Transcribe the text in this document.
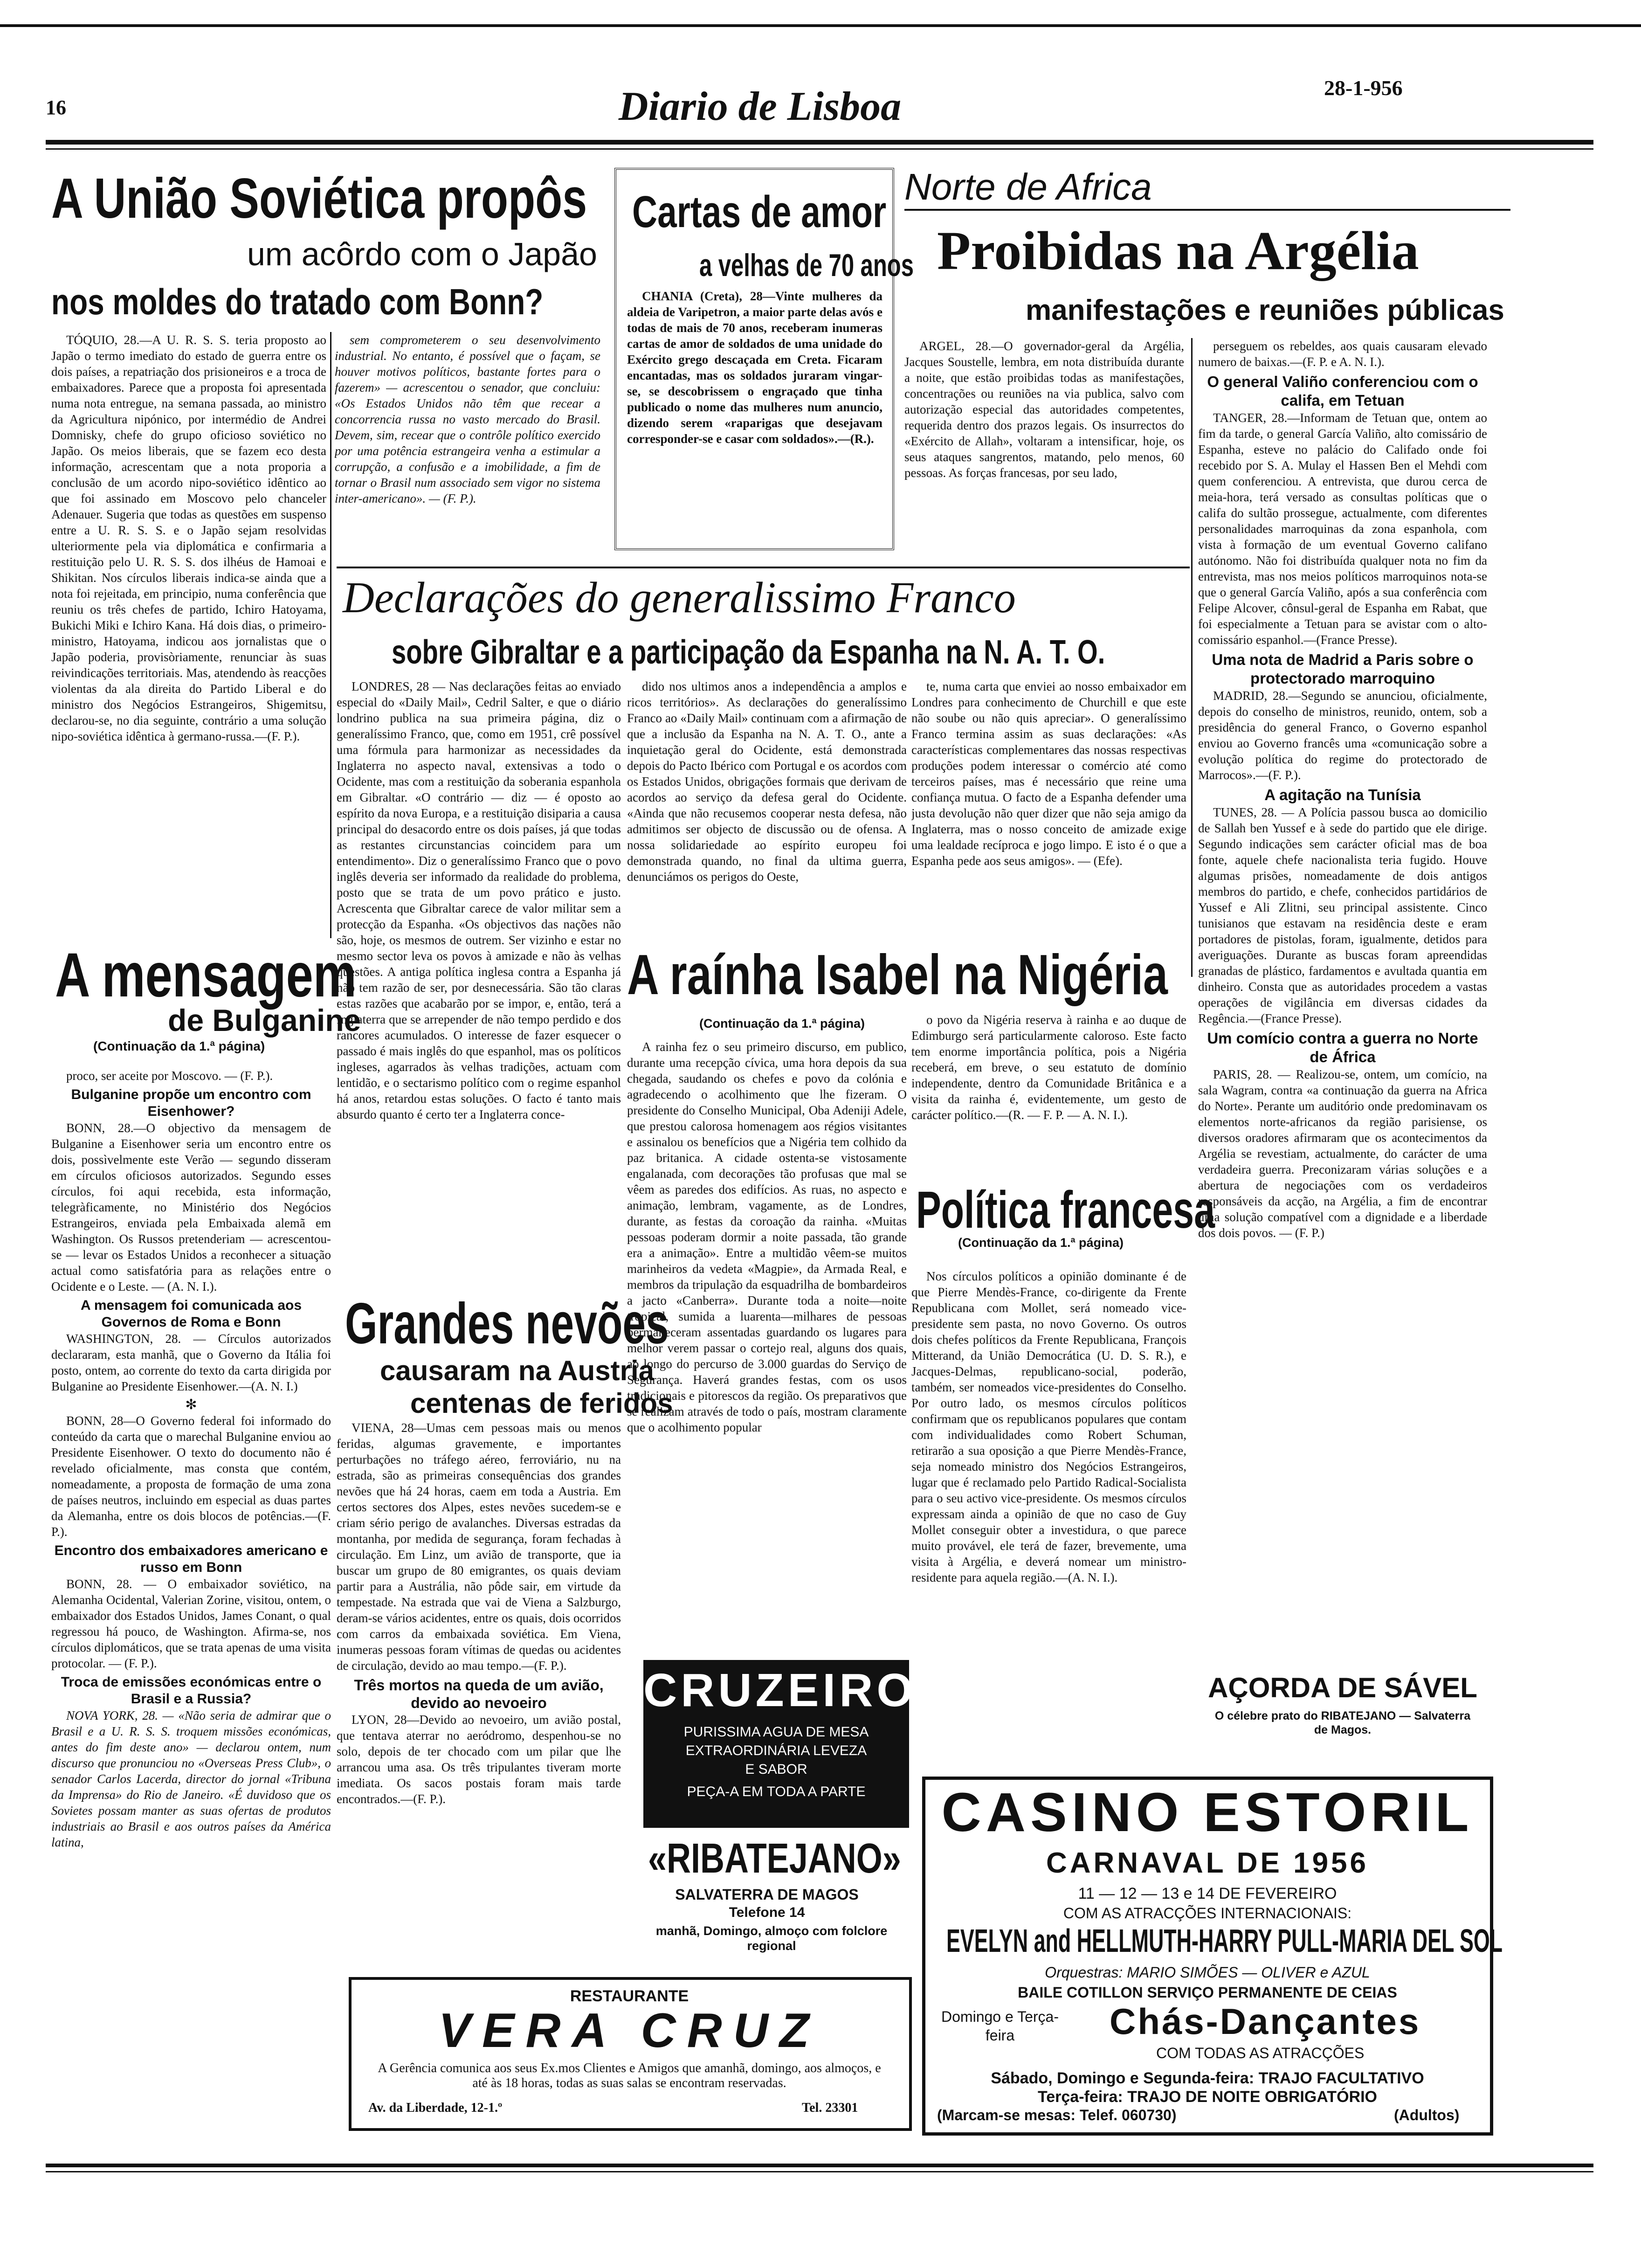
16	Diario de Lisboa	28-1-956
A União Soviética propôs
um acôrdo com o Japão
nos moldes do tratado com Bonn?

TÓQUIO, 28.—A U. R. S. S. teria proposto ao Japão o termo imediato do estado de guerra entre os dois países, a repatriação dos prisioneiros e a troca de embaixadores. Parece que a proposta foi apresentada numa nota entregue, na semana passada, ao ministro da Agricultura nipónico, por intermédio de Andrei Domnisky, chefe do grupo oficioso soviético no Japão. Os meios liberais, que se fazem eco desta informação, acrescentam que a nota proporia a conclusão de um acordo nipo-soviético idêntico ao que foi assinado em Moscovo pelo chanceler Adenauer. Sugeria que todas as questões em suspenso entre a U. R. S. S. e o Japão sejam resolvidas ulteriormente pela via diplomática e confirmaria a restituição pelo U. R. S. S. dos ilhéus de Hamoai e Shikitan. Nos círculos liberais indica-se ainda que a nota foi rejeitada, em principio, numa conferência que reuniu os três chefes de partido, Ichiro Hatoyama, Bukichi Miki e Ichiro Kana. Há dois dias, o primeiro-ministro, Hatoyama, indicou aos jornalistas que o Japão poderia, provisòriamente, renunciar às suas reivindicações territoriais. Mas, atendendo às reacções violentas da ala direita do Partido Liberal e do ministro dos Negócios Estrangeiros, Shigemitsu, declarou-se, no dia seguinte, contrário a uma solução nipo-soviética idêntica à germano-russa.—(F. P.).

sem comprometerem o seu desenvolvimento industrial. No entanto, é possível que o façam, se houver motivos políticos, bastante fortes para o fazerem» — acrescentou o senador, que concluiu: «Os Estados Unidos não têm que recear a concorrencia russa no vasto mercado do Brasil. Devem, sim, recear que o contrôle político exercido por uma potência estrangeira venha a estimular a corrupção, a confusão e a imobilidade, a fim de tornar o Brasil num associado sem vigor no sistema inter-americano». — (F. P.).

A mensagem
de Bulganine
(Continuação da 1.ª página)

proco, ser aceite por Moscovo. — (F. P.).

Bulganine propõe um encontro com Eisenhower?

BONN, 28.—O objectivo da mensagem de Bulganine a Eisenhower seria um encontro entre os dois, possìvelmente este Verão — segundo disseram em círculos oficiosos autorizados. Segundo esses círculos, foi aqui recebida, esta informação, telegràficamente, no Ministério dos Negócios Estrangeiros, enviada pela Embaixada alemã em Washington. Os Russos pretenderiam — acrescentou-se — levar os Estados Unidos a reconhecer a situação actual como satisfatória para as relações entre o Ocidente e o Leste. — (A. N. I.).

A mensagem foi comunicada aos Governos de Roma e Bonn

WASHINGTON, 28. — Círculos autorizados declararam, esta manhã, que o Governo da Itália foi posto, ontem, ao corrente do texto da carta dirigida por Bulganine ao Presidente Eisenhower.—(A. N. I.)

✻

BONN, 28—O Governo federal foi informado do conteúdo da carta que o marechal Bulganine enviou ao Presidente Eisenhower. O texto do documento não é revelado oficialmente, mas consta que contém, nomeadamente, a proposta de formação de uma zona de países neutros, incluindo em especial as duas partes da Alemanha, entre os dois blocos de potências.—(F. P.).

Encontro dos embaixadores americano e russo em Bonn

BONN, 28. — O embaixador soviético, na Alemanha Ocidental, Valerian Zorine, visitou, ontem, o embaixador dos Estados Unidos, James Conant, o qual regressou há pouco, de Washington. Afirma-se, nos círculos diplomáticos, que se trata apenas de uma visita protocolar. — (F. P.).

Troca de emissões económicas entre o Brasil e a Russia?

NOVA YORK, 28. — «Não seria de admirar que o Brasil e a U. R. S. S. troquem missões económicas, antes do fim deste ano» — declarou ontem, num discurso que pronunciou no «Overseas Press Club», o senador Carlos Lacerda, director do jornal «Tribuna da Imprensa» do Rio de Janeiro. «É duvidoso que os Sovietes possam manter as suas ofertas de produtos industriais ao Brasil e aos outros países da América latina,

Cartas de amor
a velhas de 70 anos

CHANIA (Creta), 28—Vinte mulheres da aldeia de Varipetron, a maior parte delas avós e todas de mais de 70 anos, receberam inumeras cartas de amor de soldados de uma unidade do Exército grego descaçada em Creta. Ficaram encantadas, mas os soldados juraram vingar-se, se descobrissem o engraçado que tinha publicado o nome das mulheres num anuncio, dizendo serem «raparigas que desejavam corresponder-se e casar com soldados».—(R.).

Norte de Africa
Proibidas na Argélia
manifestações e reuniões públicas

ARGEL, 28.—O governador-geral da Argélia, Jacques Soustelle, lembra, em nota distribuída durante a noite, que estão proibidas todas as manifestações, concentrações ou reuniões na via publica, salvo com autorização especial das autoridades competentes, requerida dentro dos prazos legais. Os insurrectos do «Exército de Allah», voltaram a intensificar, hoje, os seus ataques sangrentos, matando, pelo menos, 60 pessoas. As forças francesas, por seu lado,

perseguem os rebeldes, aos quais causaram elevado numero de baixas.—(F. P. e A. N. I.).

O general Valiño conferenciou com o califa, em Tetuan

TANGER, 28.—Informam de Tetuan que, ontem ao fim da tarde, o general García Valiño, alto comissário de Espanha, esteve no palácio do Califado onde foi recebido por S. A. Mulay el Hassen Ben el Mehdi com quem conferenciou. A entrevista, que durou cerca de meia-hora, terá versado as consultas políticas que o califa do sultão prossegue, actualmente, com diferentes personalidades marroquinas da zona espanhola, com vista à formação de um eventual Governo califano autónomo. Não foi distribuída qualquer nota no fim da entrevista, mas nos meios políticos marroquinos nota-se que o general García Valiño, após a sua conferência com Felipe Alcover, cônsul-geral de Espanha em Rabat, que foi especialmente a Tetuan para se avistar com o alto-comissário espanhol.—(France Presse).

Uma nota de Madrid a Paris sobre o protectorado marroquino

MADRID, 28.—Segundo se anunciou, oficialmente, depois do conselho de ministros, reunido, ontem, sob a presidência do general Franco, o Governo espanhol enviou ao Governo francês uma «comunicação sobre a evolução política do regime do protectorado de Marrocos».—(F. P.).

A agitação na Tunísia

TUNES, 28. — A Polícia passou busca ao domicilio de Sallah ben Yussef e à sede do partido que ele dirige. Segundo indicações sem carácter oficial mas de boa fonte, aquele chefe nacionalista teria fugido. Houve algumas prisões, nomeadamente de dois antigos membros do partido, e chefe, conhecidos partidários de Yussef e Ali Zlitni, seu principal assistente. Cinco tunisianos que estavam na residência deste e eram portadores de pistolas, foram, igualmente, detidos para averiguações. Durante as buscas foram apreendidas granadas de plástico, fardamentos e avultada quantia em dinheiro. Consta que as autoridades procedem a vastas operações de vigilância em diversas cidades da Regência.—(France Presse).

Um comício contra a guerra no Norte de África

PARIS, 28. — Realizou-se, ontem, um comício, na sala Wagram, contra «a continuação da guerra na Africa do Norte». Perante um auditório onde predominavam os elementos norte-africanos da região parisiense, os diversos oradores afirmaram que os acontecimentos da Argélia se revestiam, actualmente, do carácter de uma verdadeira guerra. Preconizaram várias soluções e a abertura de negociações com os verdadeiros responsáveis da acção, na Argélia, a fim de encontrar uma solução compatível com a dignidade e a liberdade dos dois povos. — (F. P.)

Declarações do generalissimo Franco
sobre Gibraltar e a participação da Espanha na N. A. T. O.

LONDRES, 28 — Nas declarações feitas ao enviado especial do «Daily Mail», Cedril Salter, e que o diário londrino publica na sua primeira página, diz o generalíssimo Franco, que, como em 1951, crê possível uma fórmula para harmonizar as necessidades da Inglaterra no aspecto naval, extensivas a todo o Ocidente, mas com a restituição da soberania espanhola em Gibraltar. «O contrário — diz — é oposto ao espírito da nova Europa, e a restituição disiparia a causa principal do desacordo entre os dois países, já que todas as restantes circunstancias coincidem para um entendimento». Diz o generalíssimo Franco que o povo inglês deveria ser informado da realidade do problema, posto que se trata de um povo prático e justo. Acrescenta que Gibraltar carece de valor militar sem a protecção da Espanha. «Os objectivos das nações não são, hoje, os mesmos de outrem. Ser vizinho e estar no mesmo sector leva os povos à amizade e não às velhas questões. A antiga política inglesa contra a Espanha já não tem razão de ser, por desnecessária. São tão claras estas razões que acabarão por se impor, e, então, terá a Inglaterra que se arrepender de não tempo perdido e dos rancores acumulados. O interesse de fazer esquecer o passado é mais inglês do que espanhol, mas os políticos ingleses, agarrados às velhas tradições, actuam com lentidão, e o sectarismo político com o regime espanhol há anos, retardou estas soluções. O facto é tanto mais absurdo quanto é certo ter a Inglaterra conce-

dido nos ultimos anos a independência a amplos e ricos territórios». As declarações do generalíssimo Franco ao «Daily Mail» continuam com a afirmação de que a inclusão da Espanha na N. A. T. O., ante a inquietação geral do Ocidente, está demonstrada depois do Pacto Ibérico com Portugal e os acordos com os Estados Unidos, obrigações formais que derivam de acordos ao serviço da defesa geral do Ocidente. «Ainda que não recusemos cooperar nesta defesa, não admitimos ser objecto de discussão ou de ofensa. A nossa solidariedade ao espírito europeu foi demonstrada quando, no final da ultima guerra, denunciámos os perigos do Oeste,

te, numa carta que enviei ao nosso embaixador em Londres para conhecimento de Churchill e que este não soube ou não quis apreciar». O generalíssimo Franco termina assim as suas declarações: «As características complementares das nossas respectivas produções podem interessar o comércio até como terceiros países, mas é necessário que reine uma confiança mutua. O facto de a Espanha defender uma justa devolução não quer dizer que não seja amigo da Inglaterra, mas o nosso conceito de amizade exige uma lealdade recíproca e jogo limpo. E isto é o que a Espanha pede aos seus amigos». — (Efe).

A raínha Isabel na Nigéria
(Continuação da 1.ª página)

A rainha fez o seu primeiro discurso, em publico, durante uma recepção cívica, uma hora depois da sua chegada, saudando os chefes e povo da colónia e agradecendo o acolhimento que lhe fizeram. O presidente do Conselho Municipal, Oba Adeniji Adele, que prestou calorosa homenagem aos régios visitantes e assinalou os benefícios que a Nigéria tem colhido da paz britanica. A cidade ostenta-se vistosamente engalanada, com decorações tão profusas que mal se vêem as paredes dos edifícios. As ruas, no aspecto e animação, lembram, vagamente, as de Londres, durante, as festas da coroação da rainha. «Muitas pessoas poderam dormir a noite passada, tão grande era a animação». Entre a multidão vêem-se muitos marinheiros da vedeta «Magpie», da Armada Real, e membros da tripulação da esquadrilha de bombardeiros a jacto «Canberra». Durante toda a noite—noite tropical, sumida a luarenta—milhares de pessoas permaneceram assentadas guardando os lugares para melhor verem passar o cortejo real, alguns dos quais, ao longo do percurso de 3.000 guardas do Serviço de Segurança. Haverá grandes festas, com os usos tradicionais e pitorescos da região. Os preparativos que se realizam através de todo o país, mostram claramente que o acolhimento popular

o povo da Nigéria reserva à rainha e ao duque de Edimburgo será particularmente caloroso. Este facto tem enorme importância política, pois a Nigéria receberá, em breve, o seu estatuto de domínio independente, dentro da Comunidade Britânica e a visita da rainha é, evidentemente, um gesto de carácter político.—(R. — F. P. — A. N. I.).

Política francesa
(Continuação da 1.ª página)

Nos círculos políticos a opinião dominante é de que Pierre Mendès-France, co-dirigente da Frente Republicana com Mollet, será nomeado vice-presidente sem pasta, no novo Governo. Os outros dois chefes políticos da Frente Republicana, François Mitterand, da União Democrática (U. D. S. R.), e Jacques-Delmas, republicano-social, poderão, também, ser nomeados vice-presidentes do Conselho. Por outro lado, os mesmos círculos políticos confirmam que os republicanos populares que contam com individualidades como Robert Schuman, retirarão a sua oposição a que Pierre Mendès-France, seja nomeado ministro dos Negócios Estrangeiros, lugar que é reclamado pelo Partido Radical-Socialista para o seu activo vice-presidente. Os mesmos círculos expressam ainda a opinião de que no caso de Guy Mollet conseguir obter a investidura, o que parece muito provável, ele terá de fazer, brevemente, uma visita à Argélia, e deverá nomear um ministro-residente para aquela região.—(A. N. I.).

Grandes nevões
causaram na Austria
centenas de feridos

VIENA, 28—Umas cem pessoas mais ou menos feridas, algumas gravemente, e importantes perturbações no tráfego aéreo, ferroviário, nu na estrada, são as primeiras consequências dos grandes nevões que há 24 horas, caem em toda a Austria. Em certos sectores dos Alpes, estes nevões sucedem-se e criam sério perigo de avalanches. Diversas estradas da montanha, por medida de segurança, foram fechadas à circulação. Em Linz, um avião de transporte, que ia buscar um grupo de 80 emigrantes, os quais deviam partir para a Austrália, não pôde sair, em virtude da tempestade. Na estrada que vai de Viena a Salzburgo, deram-se vários acidentes, entre os quais, dois ocorridos com carros da embaixada soviética. Em Viena, inumeras pessoas foram vítimas de quedas ou acidentes de circulação, devido ao mau tempo.—(F. P.).

Três mortos na queda de um avião, devido ao nevoeiro

LYON, 28—Devido ao nevoeiro, um avião postal, que tentava aterrar no aeródromo, despenhou-se no solo, depois de ter chocado com um pilar que lhe arrancou uma asa. Os três tripulantes tiveram morte imediata. Os sacos postais foram mais tarde encontrados.—(F. P.).

CRUZEIRO
PURISSIMA AGUA DE MESA
EXTRAORDINÁRIA LEVEZA
E SABOR
PEÇA-A EM TODA A PARTE
«RIBATEJANO»
SALVATERRA DE MAGOS
Telefone 14
manhã, Domingo, almoço com folclore regional
AÇORDA DE SÁVEL
O célebre prato do RIBATEJANO — Salvaterra de Magos.
RESTAURANTE
VERA CRUZ
A Gerência comunica aos seus Ex.mos Clientes e Amigos que amanhã, domingo, aos almoços, e até às 18 horas, todas as suas salas se encontram reservadas.
Av. da Liberdade, 12-1.º	Tel. 23301
CASINO ESTORIL
CARNAVAL DE 1956
11 — 12 — 13 e 14 DE FEVEREIRO
COM AS ATRACÇÕES INTERNACIONAIS:
EVELYN and HELLMUTH-HARRY PULL-MARIA DEL SOL
Orquestras: MARIO SIMÕES — OLIVER e AZUL
BAILE COTILLON SERVIÇO PERMANENTE DE CEIAS
Domingo e Terça-feira	Chás-Dançantes
COM TODAS AS ATRACÇÕES
Sábado, Domingo e Segunda-feira: TRAJO FACULTATIVO
Terça-feira: TRAJO DE NOITE OBRIGATÓRIO
(Marcam-se mesas: Telef. 060730)	(Adultos)
